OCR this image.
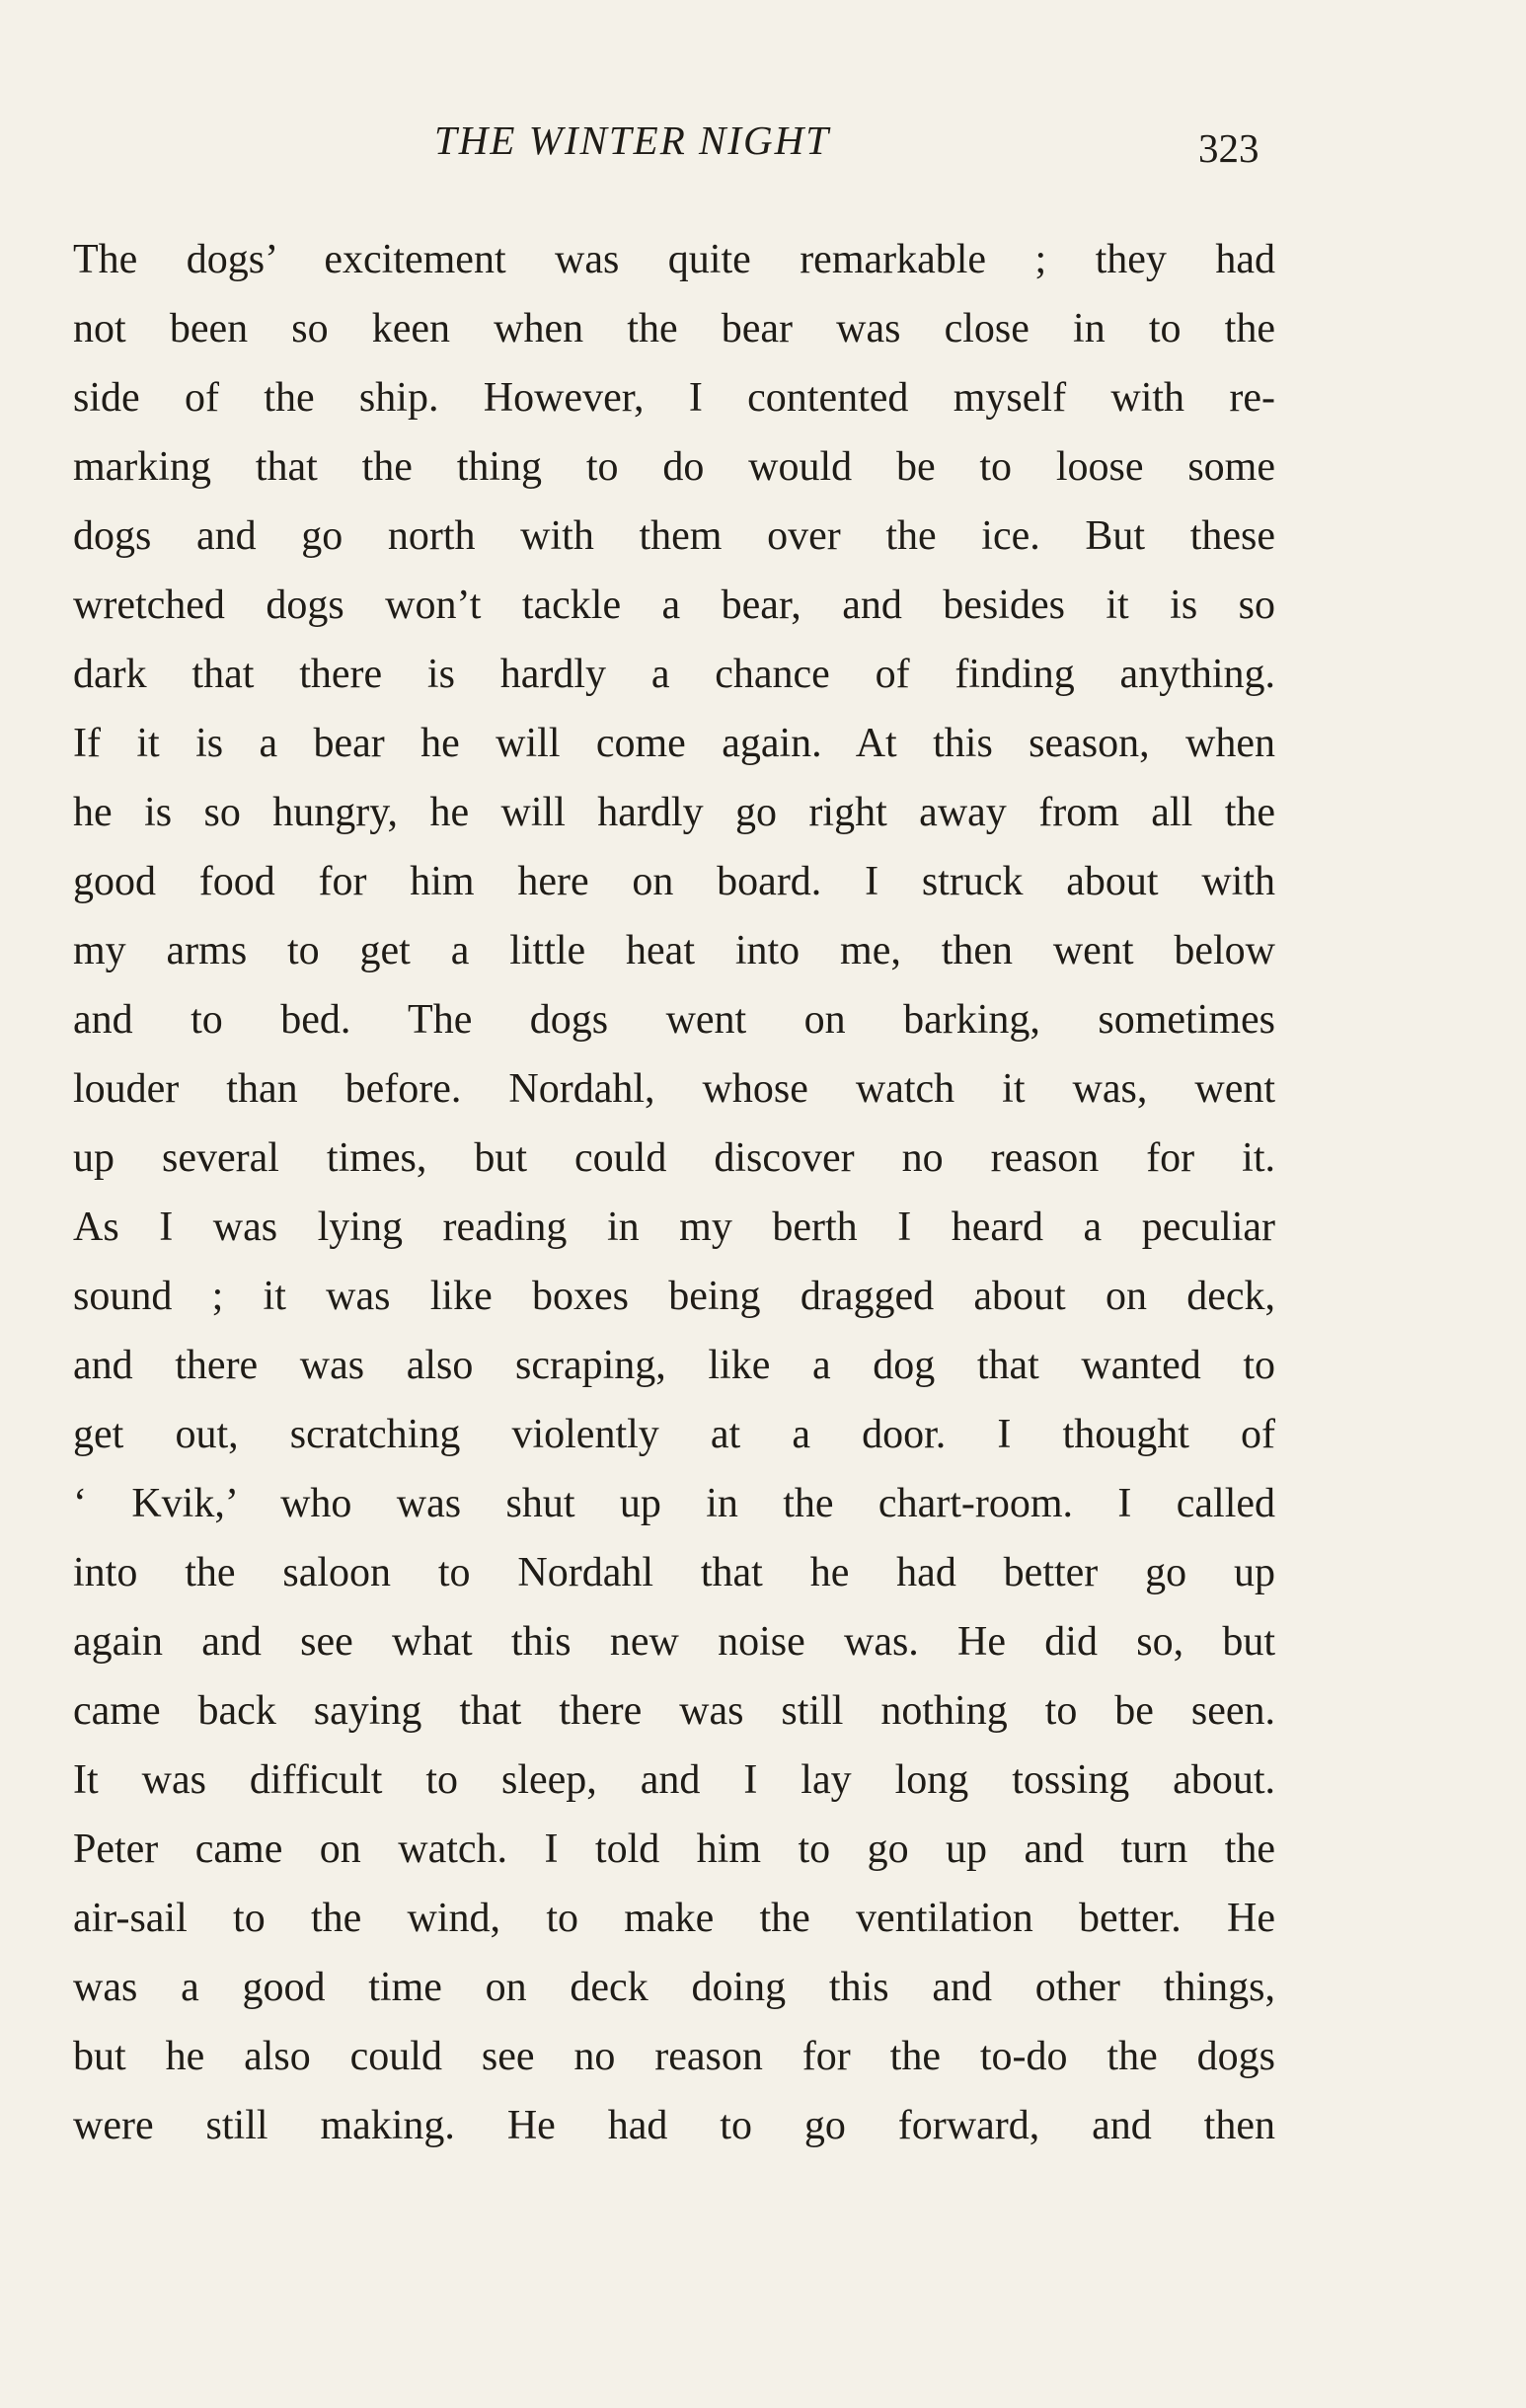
THE WINTER NIGHT	323
The dogs’ excitement was quite remarkable ; they had
not been so keen when the bear was close in to the
side of the ship. However, I contented myself with re-
marking that the thing to do would be to loose some
dogs and go north with them over the ice. But these
wretched dogs won’t tackle a bear, and besides it is so
dark that there is hardly a chance of finding anything.
If it is a bear he will come again. At this season, when
he is so hungry, he will hardly go right away from all the
good food for him here on board. I struck about with
my arms to get a little heat into me, then went below
and to bed. The dogs went on barking, sometimes
louder than before. Nordahl, whose watch it was, went
up several times, but could discover no reason for it.
As I was lying reading in my berth I heard a peculiar
sound ; it was like boxes being dragged about on deck,
and there was also scraping, like a dog that wanted to
get out, scratching violently at a door. I thought of
‘ Kvik,’ who was shut up in the chart-room. I called
into the saloon to Nordahl that he had better go up
again and see what this new noise was. He did so, but
came back saying that there was still nothing to be seen.
It was difficult to sleep, and I lay long tossing about.
Peter came on watch. I told him to go up and turn the
air-sail to the wind, to make the ventilation better. He
was a good time on deck doing this and other things,
but he also could see no reason for the to-do the dogs
were still making. He had to go forward, and then
